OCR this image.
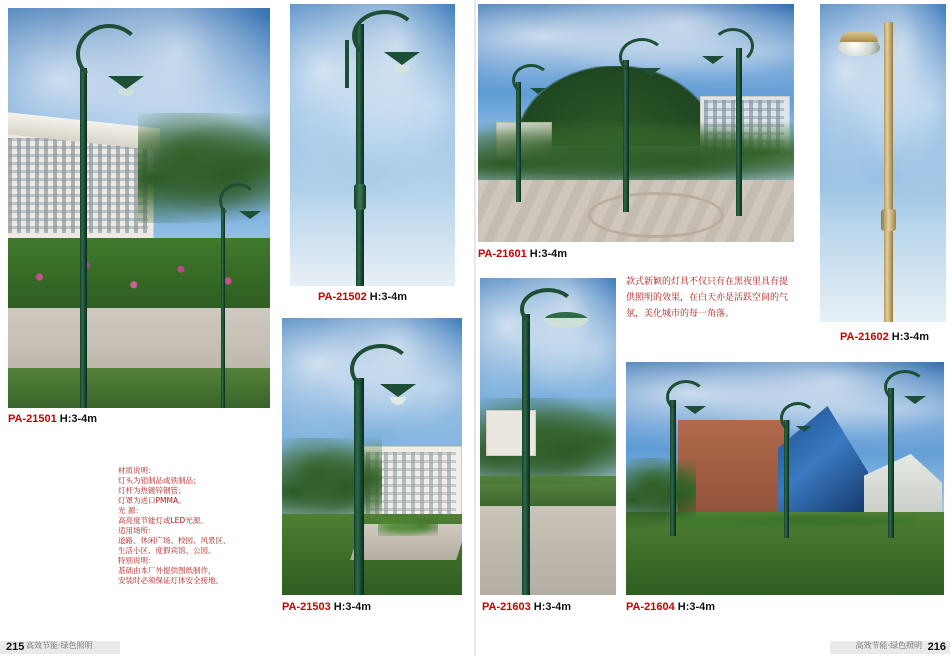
PA-21501 H:3-4m
材质说明：
灯头为铝制品或铁制品；
灯杆为热镀锌钢管；
灯罩为进口PMMA。
光 源：
高亮度节能灯或LED光源。
适用场所：
道路、休闲广场、校园、风景区、
生活小区、度假宾馆、公园。
特别说明：
基础由本厂外提供图纸制作，
安装时必须保证灯体安全接地。
PA-21502 H:3-4m
PA-21503 H:3-4m
PA-21601 H:3-4m
PA-21602 H:3-4m
款式新颖的灯具不仅只有在黑夜里具有提供照明的效果，在白天亦是活跃空间的气氛，美化城市的每一角落。
PA-21603 H:3-4m	PA-21604 H:3-4m
215 高效节能·绿色照明	高效节能·绿色照明 216
